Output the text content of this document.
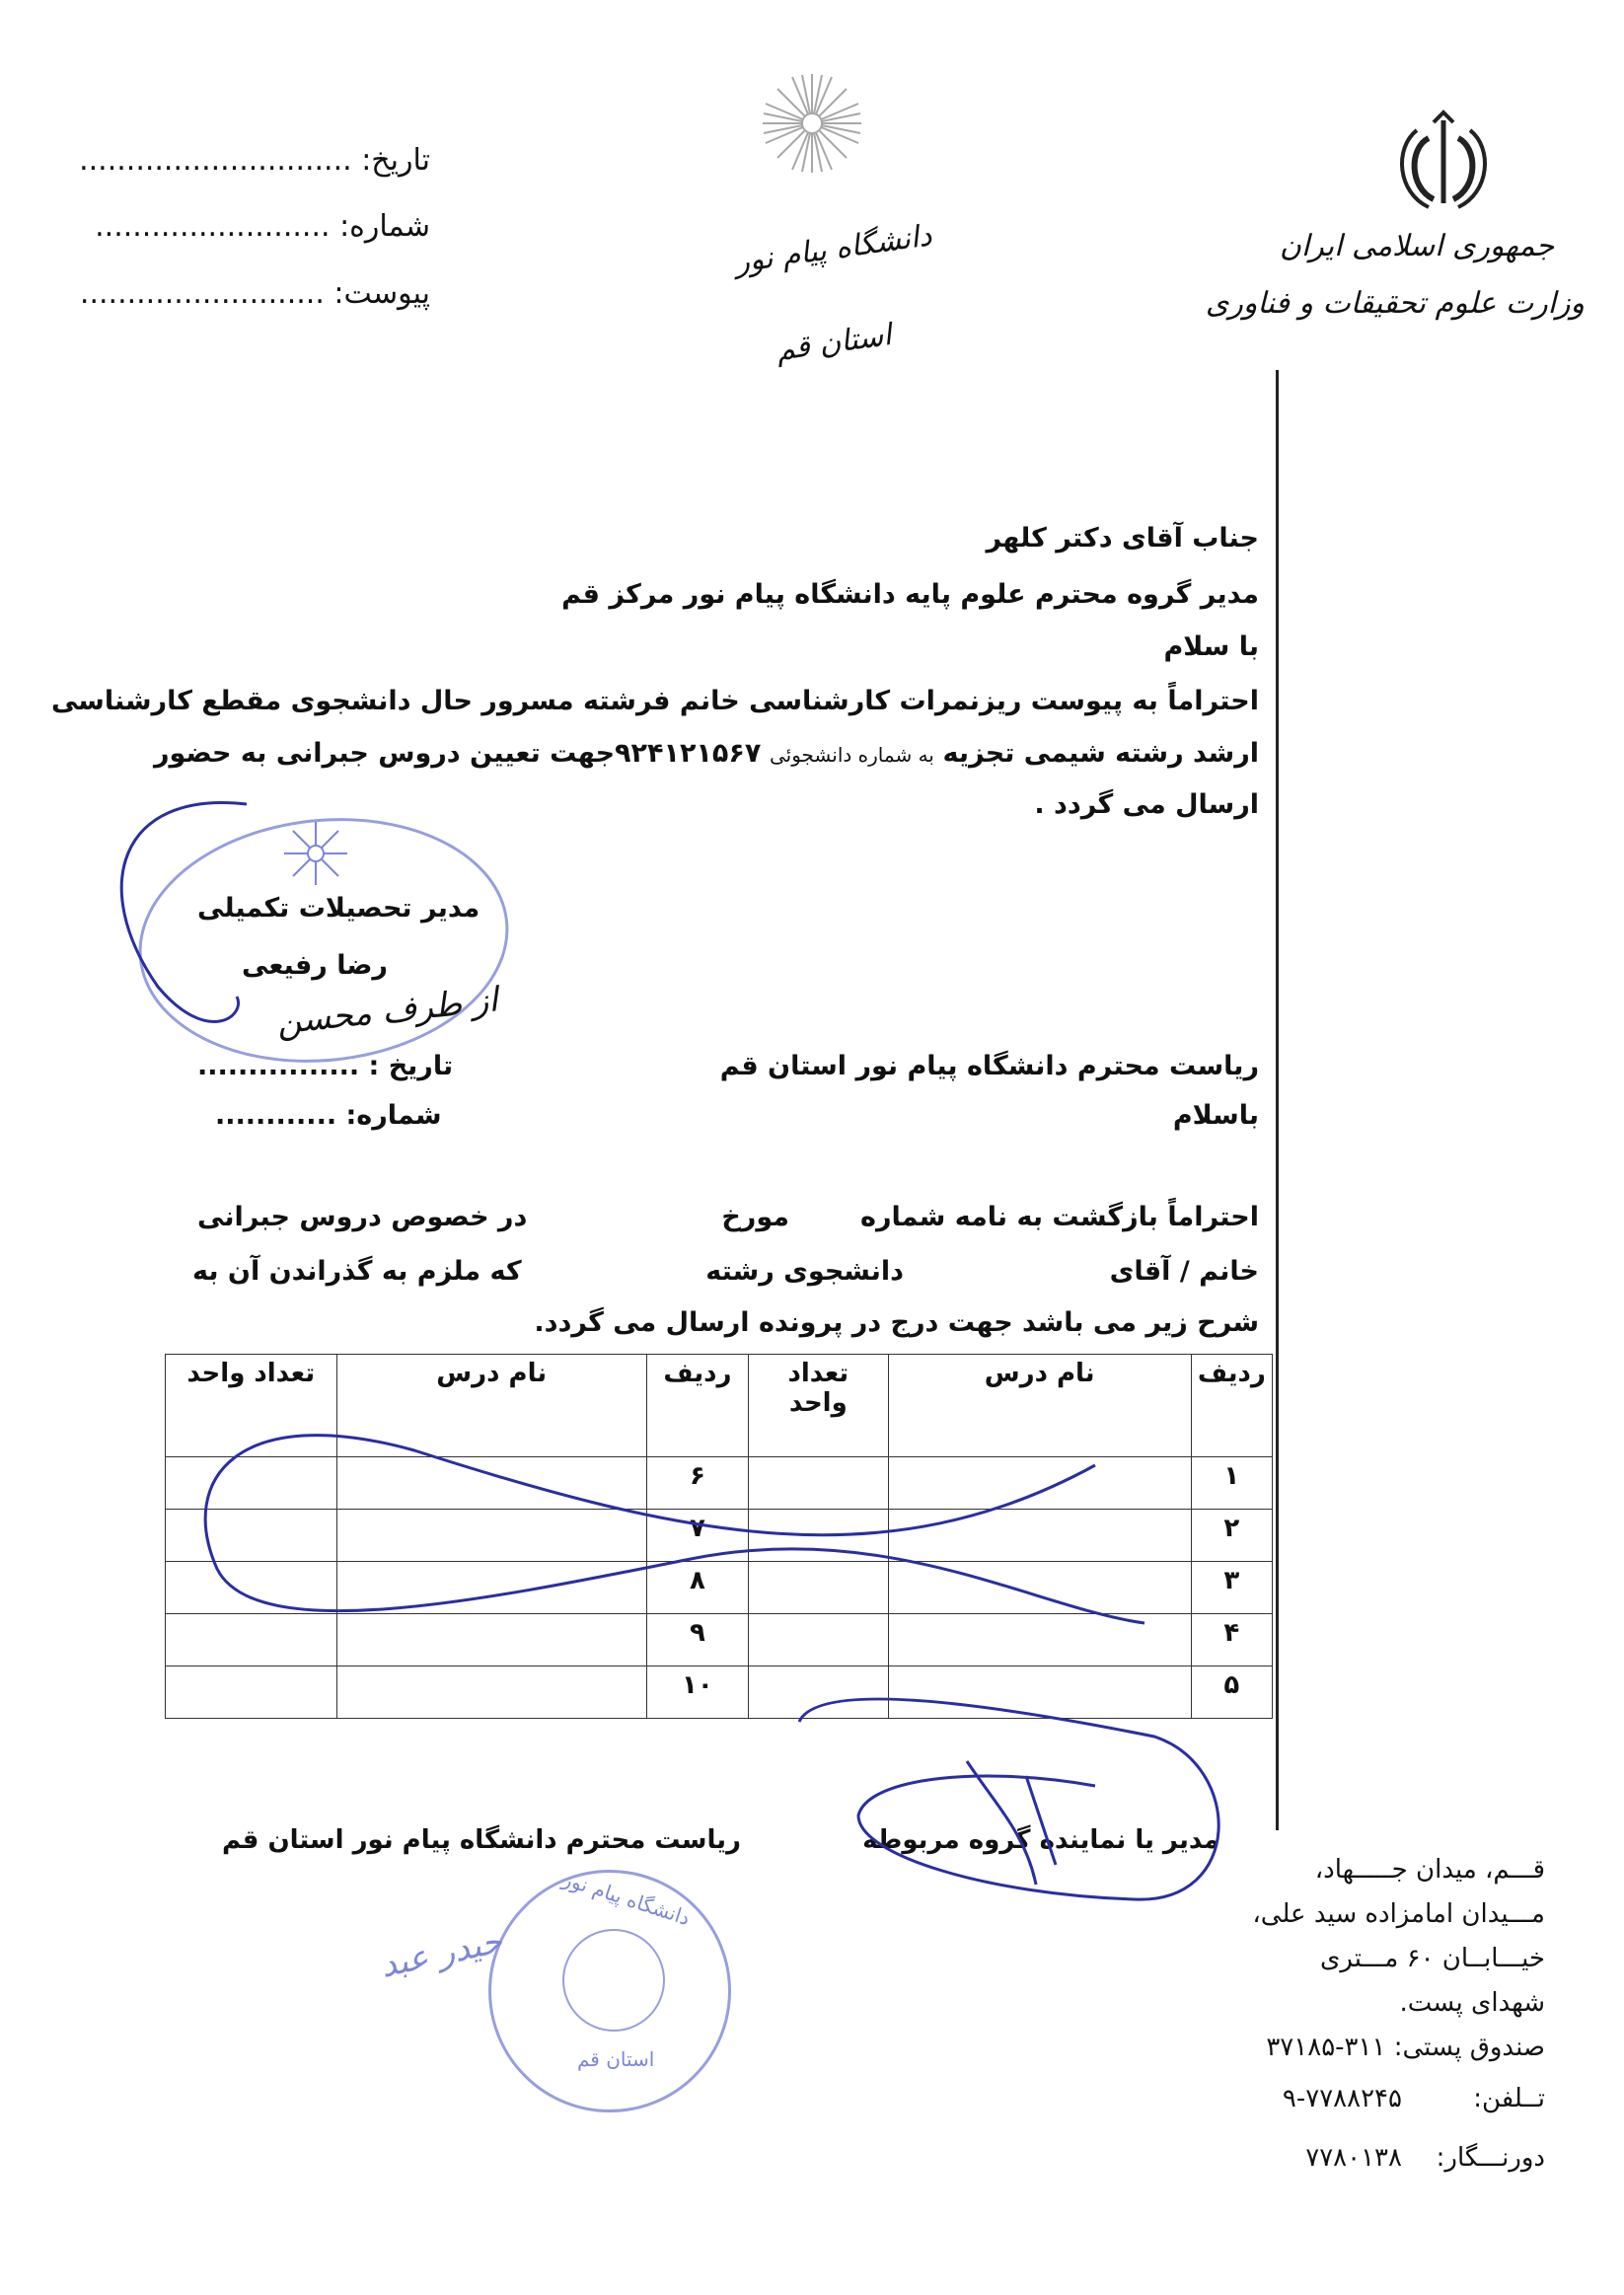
جمهوری اسلامی ایران
وزارت علوم تحقیقات و فناوری
دانشگاه پیام نور
استان قم
تاریخ: .............................
شماره: .........................
پیوست: ..........................
جناب آقای دکتر کلهر
مدیر گروه محترم علوم پایه دانشگاه پیام نور مرکز قم
با سلام
احتراماً به پیوست ریزنمرات کارشناسی خانم فرشته مسرور حال دانشجوی مقطع کارشناسی
ارشد رشته شیمی تجزیه به شماره دانشجوئی ۹۲۴۱۲۱۵۶۷جهت تعیین دروس جبرانی به حضور
ارسال می گردد .
مدیر تحصیلات تکمیلی
رضا رفیعی
از طرف محسن
ریاست محترم دانشگاه پیام نور استان قم
تاریخ : ................
باسلام
شماره: ............
احتراماً بازگشت به نامه شماره
مورخ
در خصوص دروس جبرانی
خانم / آقای
دانشجوی رشته
که ملزم به گذراندن آن به
شرح زیر می باشد جهت درج در پرونده ارسال می گردد.
ردیف	نام درس	تعداد واحد	ردیف	نام درس	تعداد واحد
۱			۶		
۲			۷		
۳			۸		
۴			۹		
۵			۱۰		
مدیر یا نماینده گروه مربوطه
ریاست محترم دانشگاه پیام نور استان قم
دانشگاه پیام نور
استان قم
حیدر عبد
قـــم، میدان جـــــهاد،
مـــیدان امامزاده سید علی،
خیـــابــان ۶۰ مـــتری
شهدای پست.
صندوق پستی: ۳۱۱-۳۷۱۸۵
تــلفن:
۹-۷۷۸۸۲۴۵
دورنـــگار:
۷۷۸۰۱۳۸
